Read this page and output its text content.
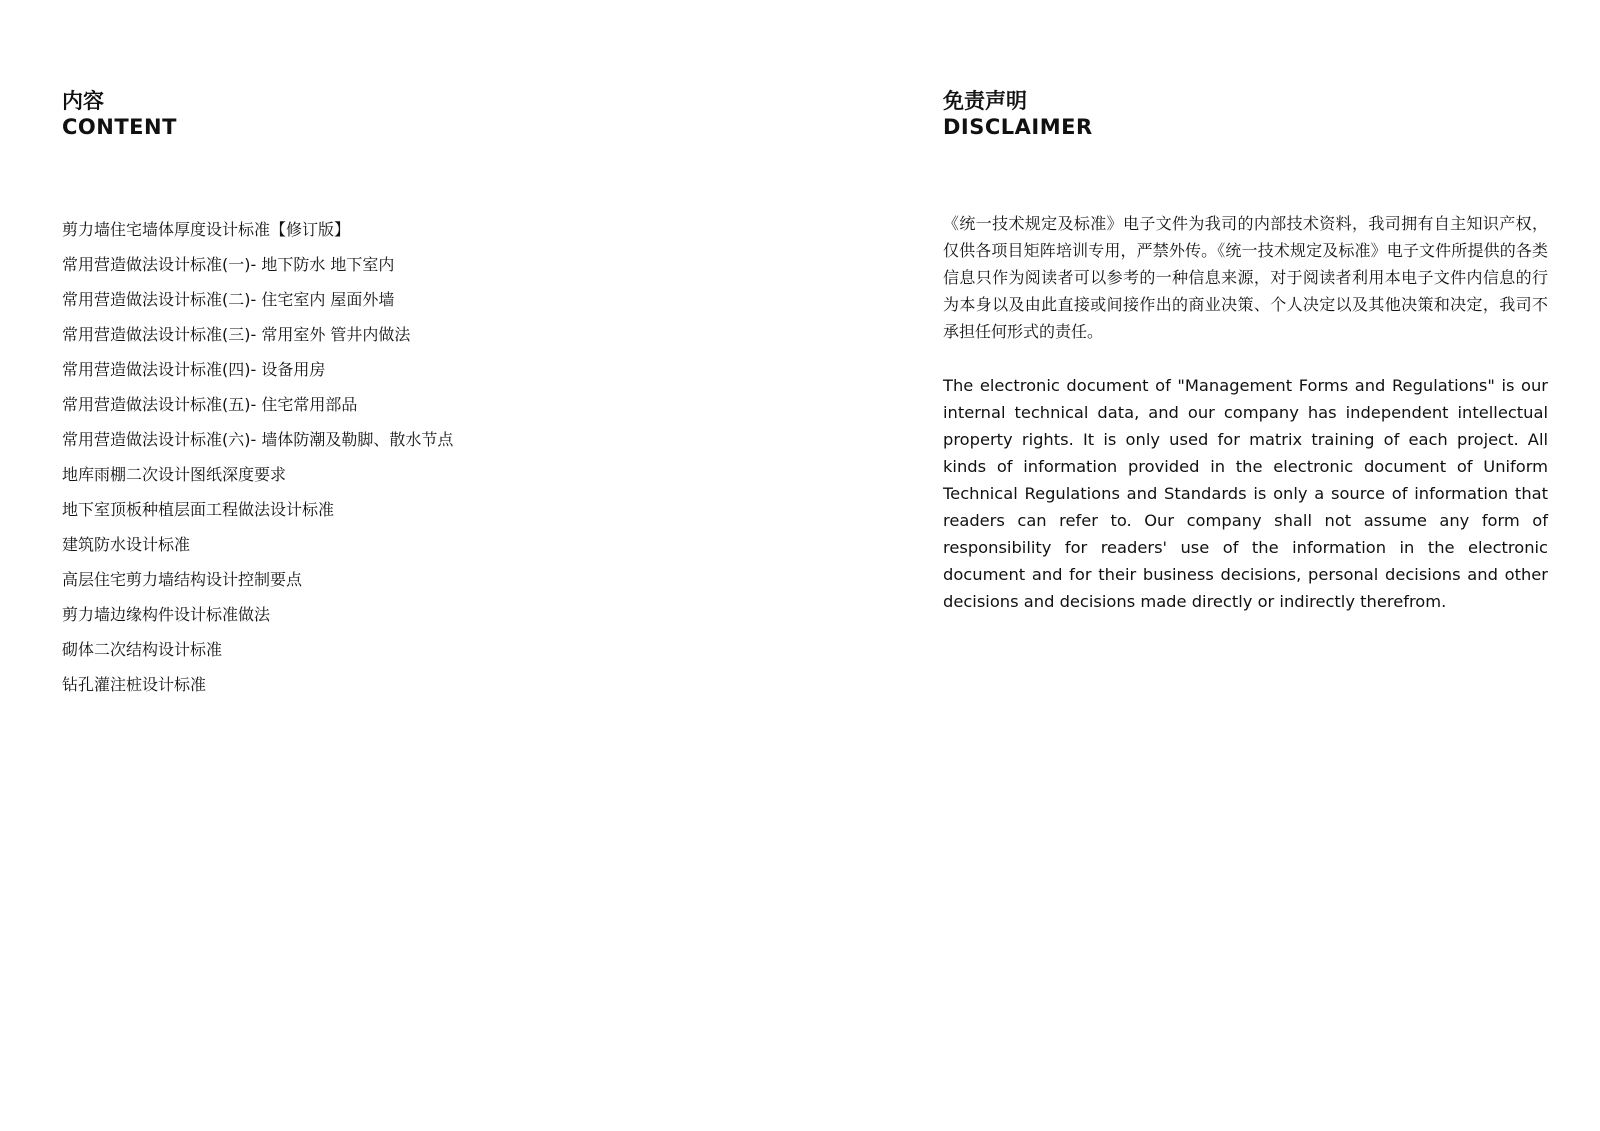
内容
CONTENT
剪力墙住宅墙体厚度设计标准【修订版】
常用营造做法设计标准(一)- 地下防水 地下室内
常用营造做法设计标准(二)- 住宅室内 屋面外墙
常用营造做法设计标准(三)- 常用室外 管井内做法
常用营造做法设计标准(四)- 设备用房
常用营造做法设计标准(五)- 住宅常用部品
常用营造做法设计标准(六)- 墙体防潮及勒脚、散水节点
地库雨棚二次设计图纸深度要求
地下室顶板种植层面工程做法设计标准
建筑防水设计标准
高层住宅剪力墙结构设计控制要点
剪力墙边缘构件设计标准做法
砌体二次结构设计标准
钻孔灌注桩设计标准
免责声明
DISCLAIMER

《统一技术规定及标准》电子文件为我司的内部技术资料，我司拥有自主知识产权，仅供各项目矩阵培训专用，严禁外传。《统一技术规定及标准》电子文件所提供的各类信息只作为阅读者可以参考的一种信息来源，对于阅读者利用本电子文件内信息的行为本身以及由此直接或间接作出的商业决策、个人决定以及其他决策和决定，我司不承担任何形式的责任。

The electronic document of "Management Forms and Regulations" is our internal technical data, and our company has independent intellectual property rights. It is only used for matrix training of each project. All kinds of information provided in the electronic document of Uniform Technical Regulations and Standards is only a source of information that readers can refer to. Our company shall not assume any form of responsibility for readers' use of the information in the electronic document and for their business decisions, personal decisions and other decisions and decisions made directly or indirectly therefrom.
